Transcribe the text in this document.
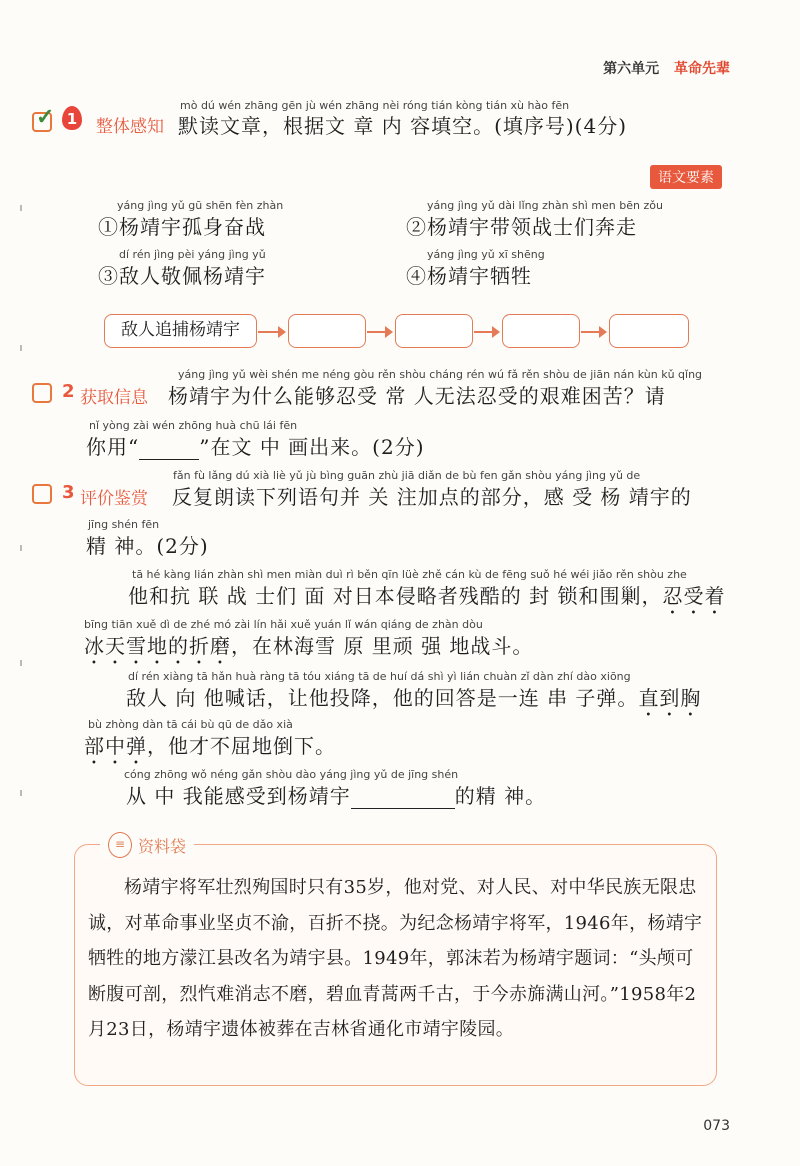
第六单元 革命先辈
✓ 1 整体感知
mò dú wén zhāng gēn jù wén zhāng nèi róng tián kòng tián xù hào fēn
默读文章，根据文 章 内 容填空。(填序号)(4分)
语文要素
yáng jìng yǔ gū shēn fèn zhàn
①杨靖宇孤身奋战
yáng jìng yǔ dài lǐng zhàn shì men bēn zǒu
②杨靖宇带领战士们奔走
dí rén jìng pèi yáng jìng yǔ
③敌人敬佩杨靖宇
yáng jìng yǔ xī shēng
④杨靖宇牺牲
敌人追捕杨靖宇
2 获取信息
yáng jìng yǔ wèi shén me néng gòu rěn shòu cháng rén wú fǎ rěn shòu de jiān nán kùn kǔ qǐng
杨靖宇为什么能够忍受 常 人无法忍受的艰难困苦？请
nǐ yòng zài wén zhōng huà chū lái fēn
你用“	”在文 中 画出来。(2分)
3 评价鉴赏
fǎn fù lǎng dú xià liè yǔ jù bìng guān zhù jiā diǎn de bù fen gǎn shòu yáng jìng yǔ de
反复朗读下列语句并 关 注加点的部分，感 受 杨 靖宇的
jīng shén fēn
精 神。(2分)
tā hé kàng lián zhàn shì men miàn duì rì běn qīn lüè zhě cán kù de fēng suǒ hé wéi jiǎo rěn shòu zhe
他和抗 联 战 士们 面 对日本侵略者残酷的 封 锁和围剿，忍受着
bīng tiān xuě dì de zhé mó zài lín hǎi xuě yuán lǐ wán qiáng de zhàn dòu
冰天雪地的折磨，在林海雪 原 里顽 强 地战斗。
dí rén xiàng tā hǎn huà ràng tā tóu xiáng tā de huí dá shì yì lián chuàn zǐ dàn zhí dào xiōng
敌人 向 他喊话，让他投降，他的回答是一连 串 子弹。直到胸
bù zhòng dàn tā cái bù qū de dǎo xià
部中弹，他才不屈地倒下。
cóng zhōng wǒ néng gǎn shòu dào yáng jìng yǔ de jīng shén
从 中 我能感受到杨靖宇	的精 神。
≡ 资料袋
杨靖宇将军壮烈殉国时只有35岁，他对党、对人民、对中华民族无限忠诚，对革命事业坚贞不渝，百折不挠。为纪念杨靖宇将军，1946年，杨靖宇牺牲的地方濛江县改名为靖宇县。1949年，郭沫若为杨靖宇题词：“头颅可断腹可剖，烈忾难消志不磨，碧血青蒿两千古，于今赤旆满山河。”1958年2月23日，杨靖宇遗体被葬在吉林省通化市靖宇陵园。
073
